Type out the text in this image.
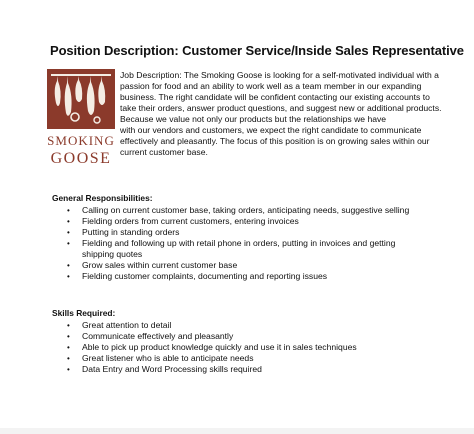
Position Description: Customer Service/Inside Sales Representative
SMOKING
GOOSE

Job Description: The Smoking Goose is looking for a self-motivated individual with a

passion for food and an ability to work well as a team member in our expanding

business. The right candidate will be confident contacting our existing accounts to

take their orders, answer product questions, and suggest new or additional products.

Because we value not only our products but the relationships we have

with our vendors and customers, we expect the right candidate to communicate

effectively and pleasantly. The focus of this position is on growing sales within our

current customer base.

General Responsibilities:

• Calling on current customer base, taking orders, anticipating needs, suggestive selling
• Fielding orders from current customers, entering invoices
• Putting in standing orders
• Fielding and following up with retail phone in orders, putting in invoices and getting
shipping quotes
• Grow sales within current customer base
• Fielding customer complaints, documenting and reporting issues

Skills Required:

• Great attention to detail
• Communicate effectively and pleasantly
• Able to pick up product knowledge quickly and use it in sales techniques
• Great listener who is able to anticipate needs
• Data Entry and Word Processing skills required
